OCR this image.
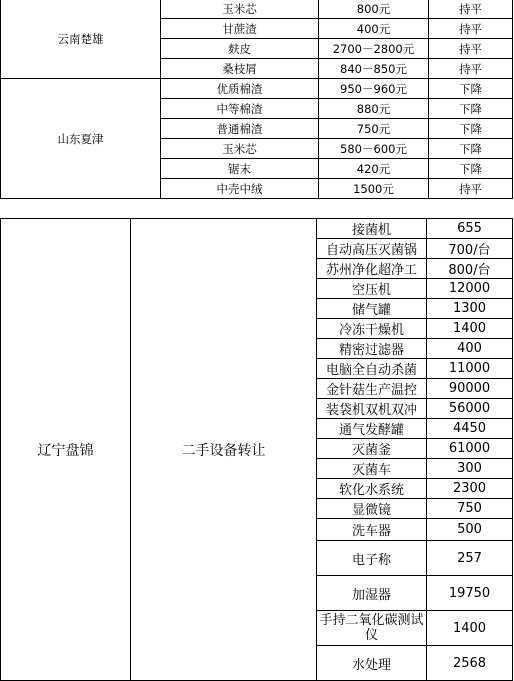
云南楚雄	玉米芯	800元	持平
	甘蔗渣	400元	持平
	麸皮	2700－2800元	持平
	桑枝屑	840－850元	持平
山东夏津	优质棉渣	950－960元	下降
	中等棉渣	880元	下降
	普通棉渣	750元	下降
	玉米芯	580－600元	下降
	锯末	420元	下降
	中壳中绒	1500元	持平
辽宁盘锦	二手设备转让	接菌机	655
		自动高压灭菌锅	700/台
		苏州净化超净工	800/台
		空压机	12000
		储气罐	1300
		冷冻干燥机	1400
		精密过滤器	400
		电脑全自动杀菌	11000
		金针菇生产温控	90000
		装袋机双机双冲	56000
		通气发酵罐	4450
		灭菌釜	61000
		灭菌车	300
		软化水系统	2300
		显微镜	750
		洗车器	500
		电子称	257
		加湿器	19750
		手持二氧化碳测试仪	1400
		水处理	2568
